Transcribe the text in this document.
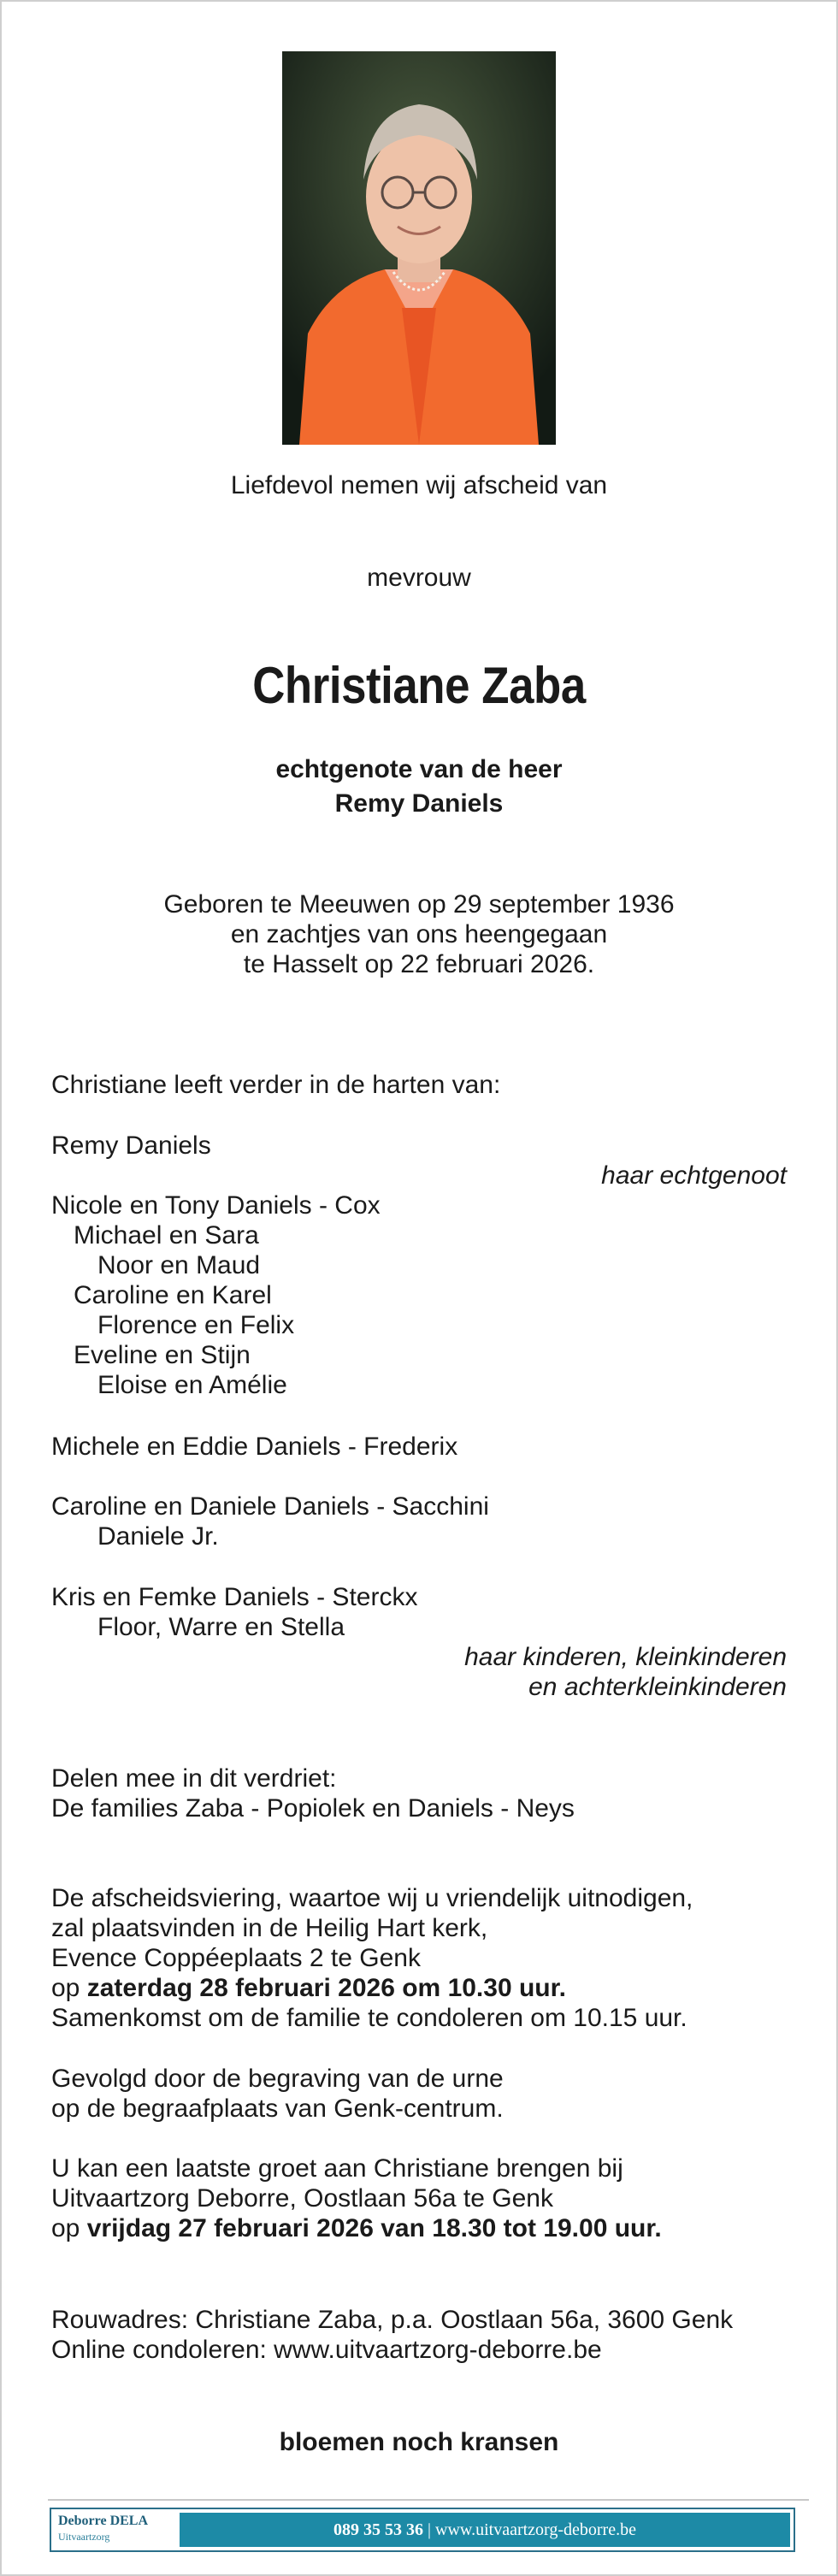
Liefdevol nemen wij afscheid van
mevrouw
Christiane Zaba
echtgenote van de heer
Remy Daniels
Geboren te Meeuwen op 29 september 1936
en zachtjes van ons heengegaan
te Hasselt op 22 februari 2026.
Christiane leeft verder in de harten van:
Remy Daniels
haar echtgenoot
Nicole en Tony Daniels - Cox
Michael en Sara
Noor en Maud
Caroline en Karel
Florence en Felix
Eveline en Stijn
Eloise en Amélie
Michele en Eddie Daniels - Frederix
Caroline en Daniele Daniels - Sacchini
Daniele Jr.
Kris en Femke Daniels - Sterckx
Floor, Warre en Stella
haar kinderen, kleinkinderen
en achterkleinkinderen
Delen mee in dit verdriet:
De families Zaba - Popiolek en Daniels - Neys
De afscheidsviering, waartoe wij u vriendelijk uitnodigen,
zal plaatsvinden in de Heilig Hart kerk,
Evence Coppéeplaats 2 te Genk
op zaterdag 28 februari 2026 om 10.30 uur.
Samenkomst om de familie te condoleren om 10.15 uur.
Gevolgd door de begraving van de urne
op de begraafplaats van Genk-centrum.
U kan een laatste groet aan Christiane brengen bij
Uitvaartzorg Deborre, Oostlaan 56a te Genk
op vrijdag 27 februari 2026 van 18.30 tot 19.00 uur.
Rouwadres: Christiane Zaba, p.a. Oostlaan 56a, 3600 Genk
Online condoleren: www.uitvaartzorg-deborre.be
bloemen noch kransen
Deborre DELA
Uitvaartzorg	089 35 53 36 | www.uitvaartzorg-deborre.be
